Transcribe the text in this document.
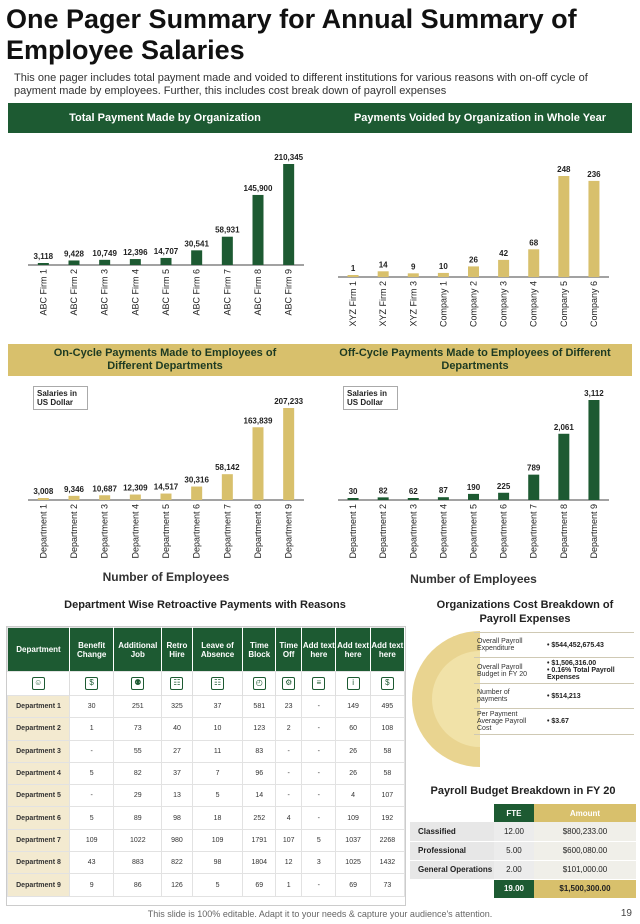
One Pager Summary for Annual Summary of Employee Salaries
This one pager includes total payment made and voided to different institutions for various reasons with on-off cycle of payment made by employees. Further, this includes cost break down of payroll expenses
Total Payment Made by Organization	Payments Voided by Organization in Whole Year
3,118
ABC Firm 1
9,428
ABC Firm 2
10,749
ABC Firm 3
12,396
ABC Firm 4
14,707
ABC Firm 5
30,541
ABC Firm 6
58,931
ABC Firm 7
145,900
ABC Firm 8
210,345
ABC Firm 9
1
XYZ Firm 1
14
XYZ Firm 2
9
XYZ Firm 3
10
Company 1
26
Company 2
42
Company 3
68
Company 4
248
Company 5
236
Company 6
On-Cycle Payments Made to Employees of Different Departments
Off-Cycle Payments Made to Employees of Different Departments
3,008
Department 1
9,346
Department 2
10,687
Department 3
12,309
Department 4
14,517
Department 5
30,316
Department 6
58,142
Department 7
163,839
Department 8
207,233
Department 9
Number of Employees
30
Department 1
82
Department 2
62
Department 3
87
Department 4
190
Department 5
225
Department 6
789
Department 7
2,061
Department 8
3,112
Department 9
Number of Employees
Salaries in US Dollar
Salaries in US Dollar
Department Wise Retroactive Payments with Reasons	Organizations Cost Breakdown of Payroll Expenses
☺	$	⚉	☷	☷	◴	⚙	≡	i	$
Department	Benefit Change	Additional Job	Retro Hire	Leave of Absence	Time Block	Time Off	Add text here	Add text here	Add text here
Department 1	30	251	325	37	581	23	-	149	495
Department 2	1	73	40	10	123	2	-	60	108
Department 3	-	55	27	11	83	-	-	26	58
Department 4	5	82	37	7	96	-	-	26	58
Department 5	-	29	13	5	14	-	-	4	107
Department 6	5	89	98	18	252	4	-	109	192
Department 7	109	1022	980	109	1791	107	5	1037	2268
Department 8	43	883	822	98	1804	12	3	1025	1432
Department 9	9	86	126	5	69	1	-	69	73
Overall Payroll Expenditure	• $544,452,675.43

Overall Payroll Budget in FY 20	• $1,506,316.00
• 0.16% Total Payroll Expenses

Number of payments	• $514,213

Per Payment Average Payroll Cost	• $3.67
Payroll Budget Breakdown in FY 20
	FTE	Amount
Classified	12.00	$800,233.00
Professional	5.00	$600,080.00
General Operations	2.00	$101,000.00
	19.00	$1,500,300.00
This slide is 100% editable. Adapt it to your needs & capture your audience's attention.	19
